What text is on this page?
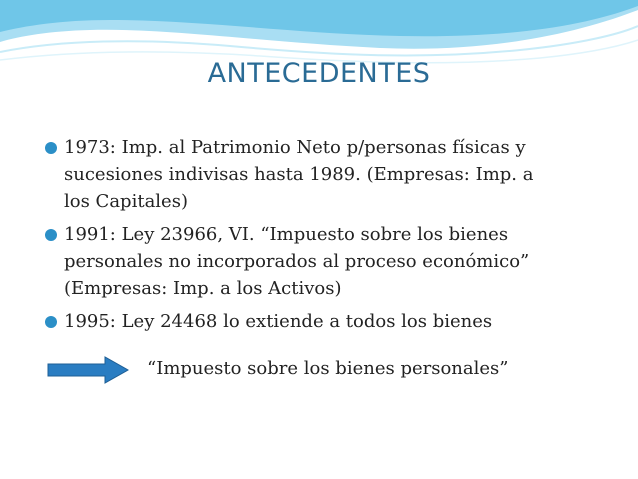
ANTECEDENTES
1973: Imp. al Patrimonio Neto p/personas físicas y
sucesiones indivisas hasta 1989. (Empresas: Imp. a
los Capitales)
1991: Ley 23966, VI. “Impuesto sobre los bienes
personales no incorporados al proceso económico”
(Empresas: Imp. a los Activos)
1995: Ley 24468 lo extiende a todos los bienes
“Impuesto sobre los bienes personales”
